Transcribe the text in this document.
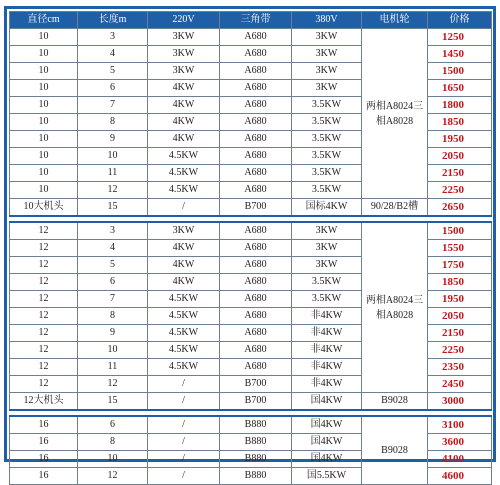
直径cm	长度m	220V	三角带	380V	电机轮	价格
10	3	3KW	A680	3KW	两相A8024三相A8028	1250
10	4	3KW	A680	3KW		1450
10	5	3KW	A680	3KW		1500
10	6	4KW	A680	3KW		1650
10	7	4KW	A680	3.5KW		1800
10	8	4KW	A680	3.5KW		1850
10	9	4KW	A680	3.5KW		1950
10	10	4.5KW	A680	3.5KW		2050
10	11	4.5KW	A680	3.5KW		2150
10	12	4.5KW	A680	3.5KW		2250
10大机头	15	/	B700	国标4KW	90/28/B2槽	2650

12	3	3KW	A680	3KW	两相A8024三相A8028	1500
12	4	4KW	A680	3KW		1550
12	5	4KW	A680	3KW		1750
12	6	4KW	A680	3.5KW		1850
12	7	4.5KW	A680	3.5KW		1950
12	8	4.5KW	A680	非4KW		2050
12	9	4.5KW	A680	非4KW		2150
12	10	4.5KW	A680	非4KW		2250
12	11	4.5KW	A680	非4KW		2350
12	12	/	B700	非4KW		2450
12大机头	15	/	B700	国4KW	B9028	3000

16	6	/	B880	国4KW	B9028	3100
16	8	/	B880	国4KW		3600
16	10	/	B880	国4KW		4100
16	12	/	B880	国5.5KW		4600
